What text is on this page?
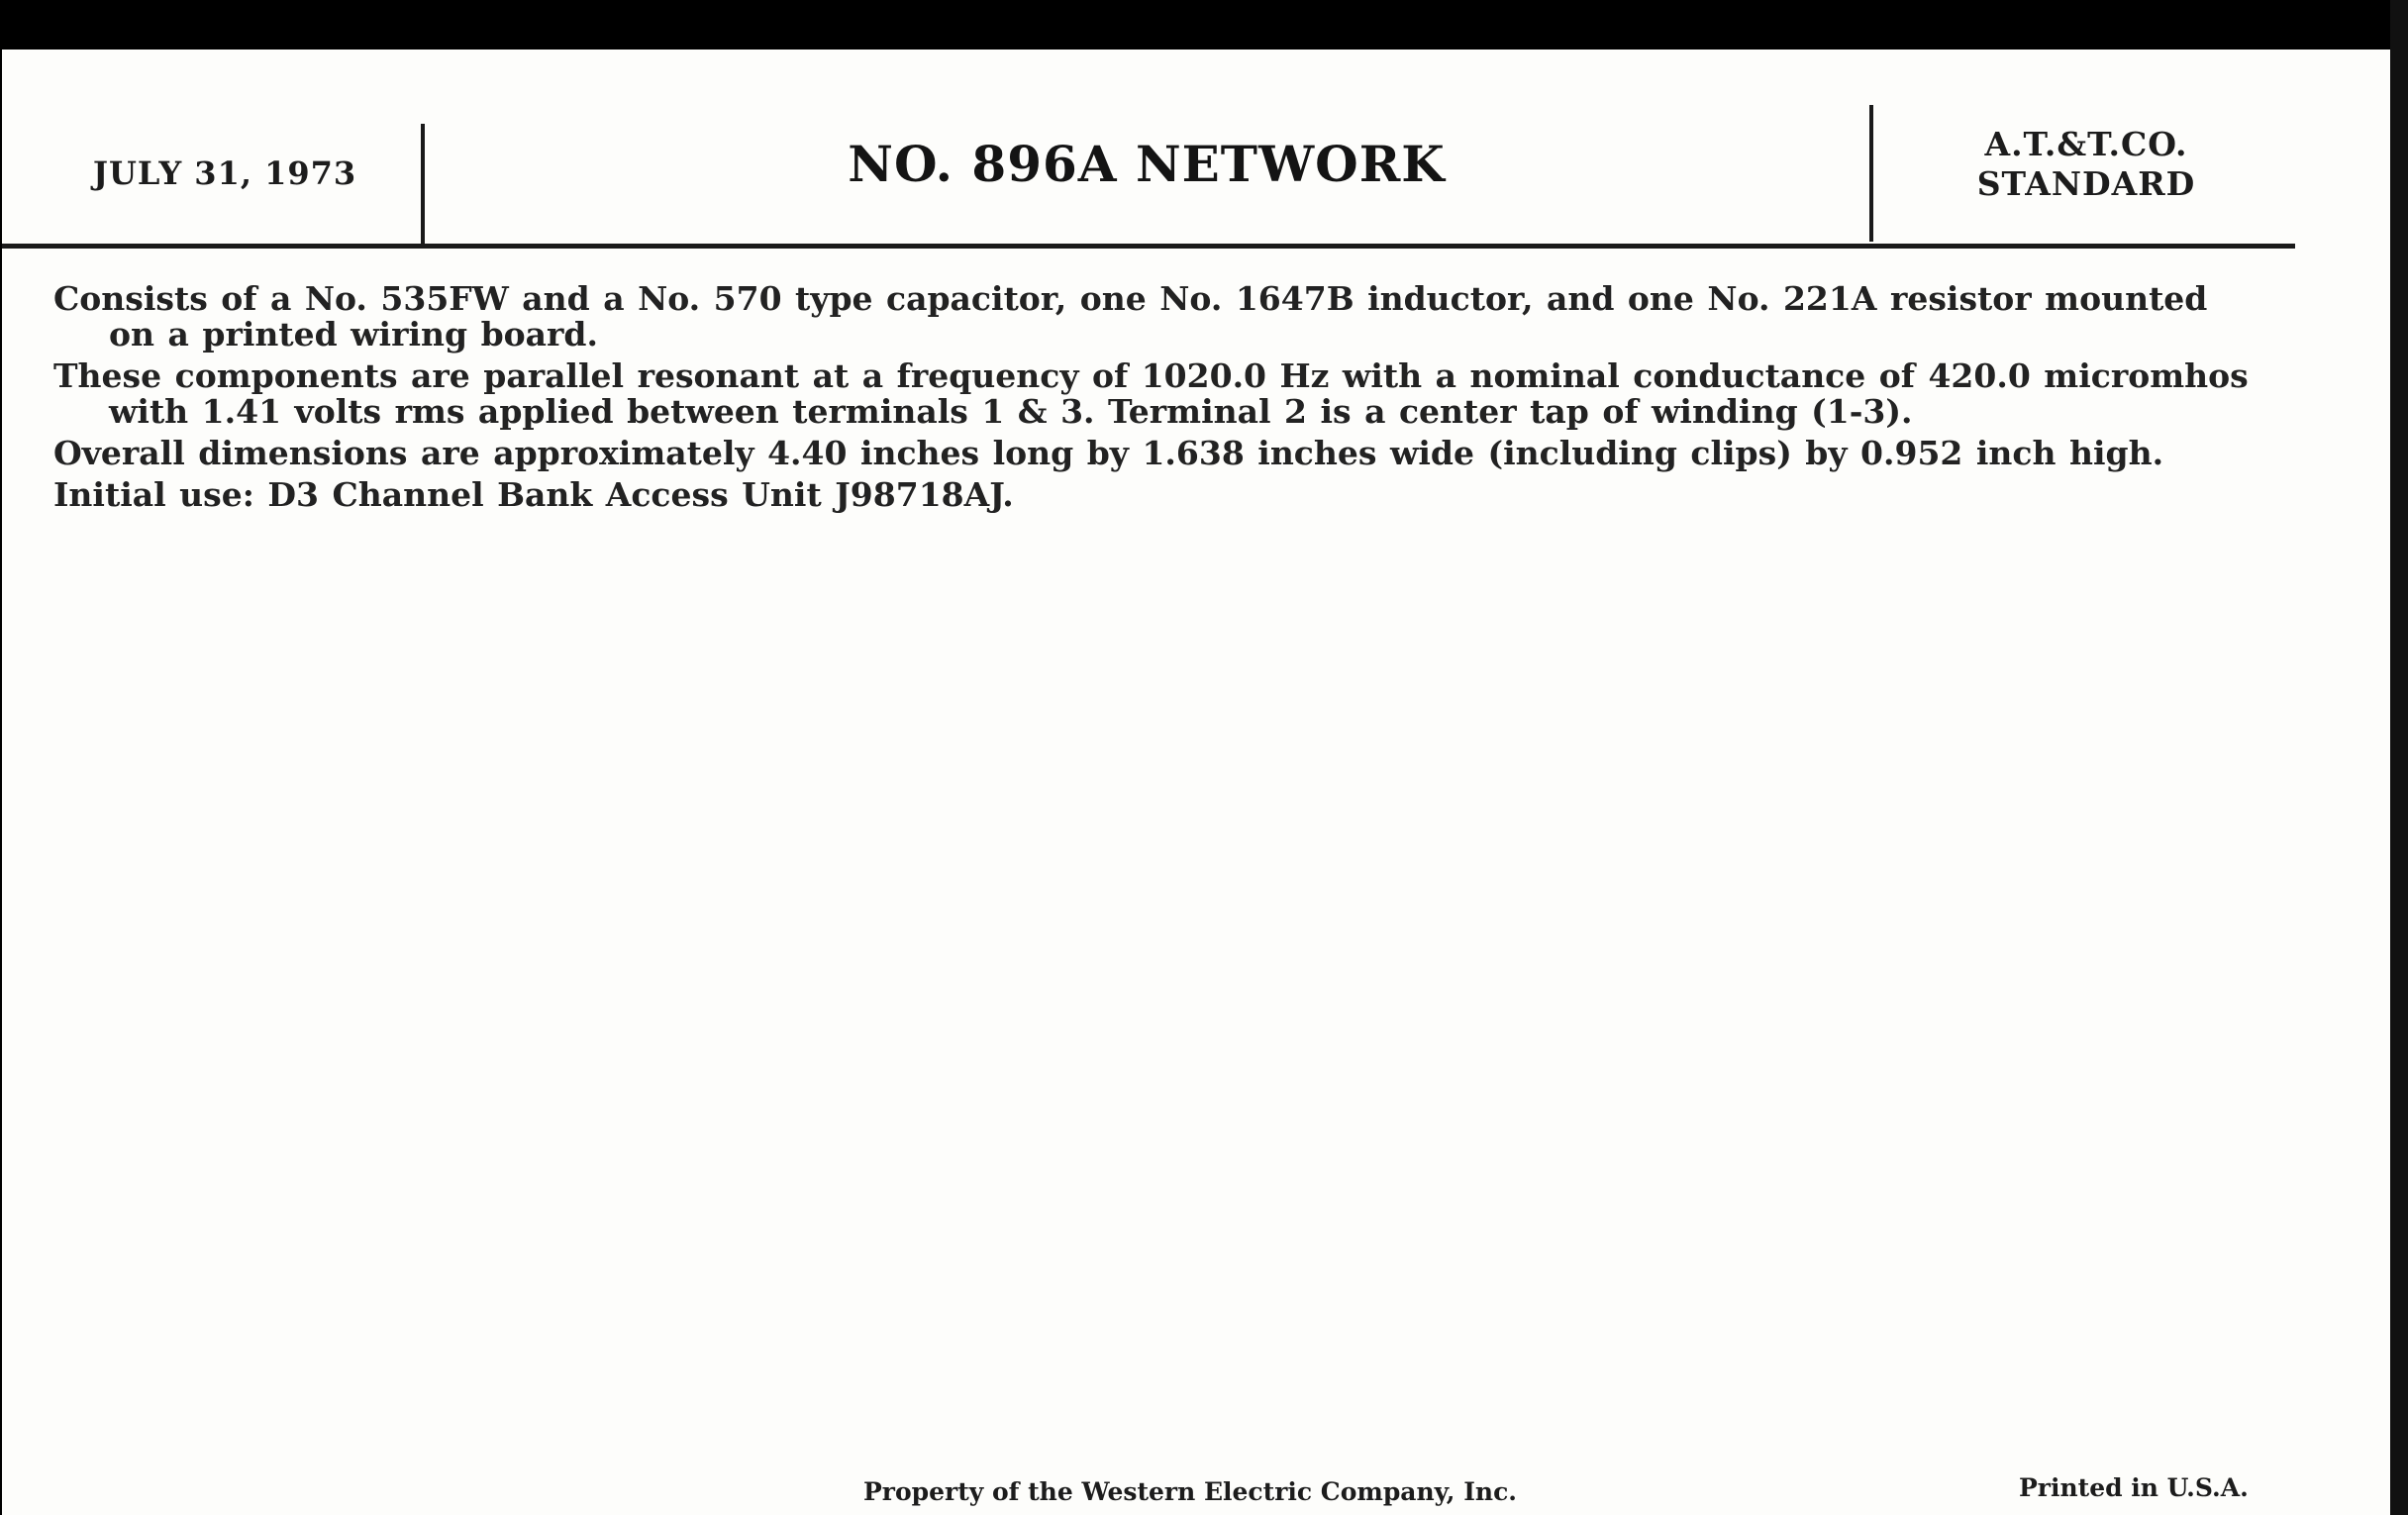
JULY 31, 1973	NO. 896A NETWORK	A.T.&T.CO.
STANDARD

Consists of a No. 535FW and a No. 570 type capacitor, one No. 1647B inductor, and one No. 221A resistor mounted on a printed wiring board.

These components are parallel resonant at a frequency of 1020.0 Hz with a nominal conductance of 420.0 micromhos with 1.41 volts rms applied between terminals 1 & 3. Terminal 2 is a center tap of winding (1-3).

Overall dimensions are approximately 4.40 inches long by 1.638 inches wide (including clips) by 0.952 inch high.

Initial use: D3 Channel Bank Access Unit J98718AJ.

Property of the Western Electric Company, Inc.	Printed in U.S.A.
